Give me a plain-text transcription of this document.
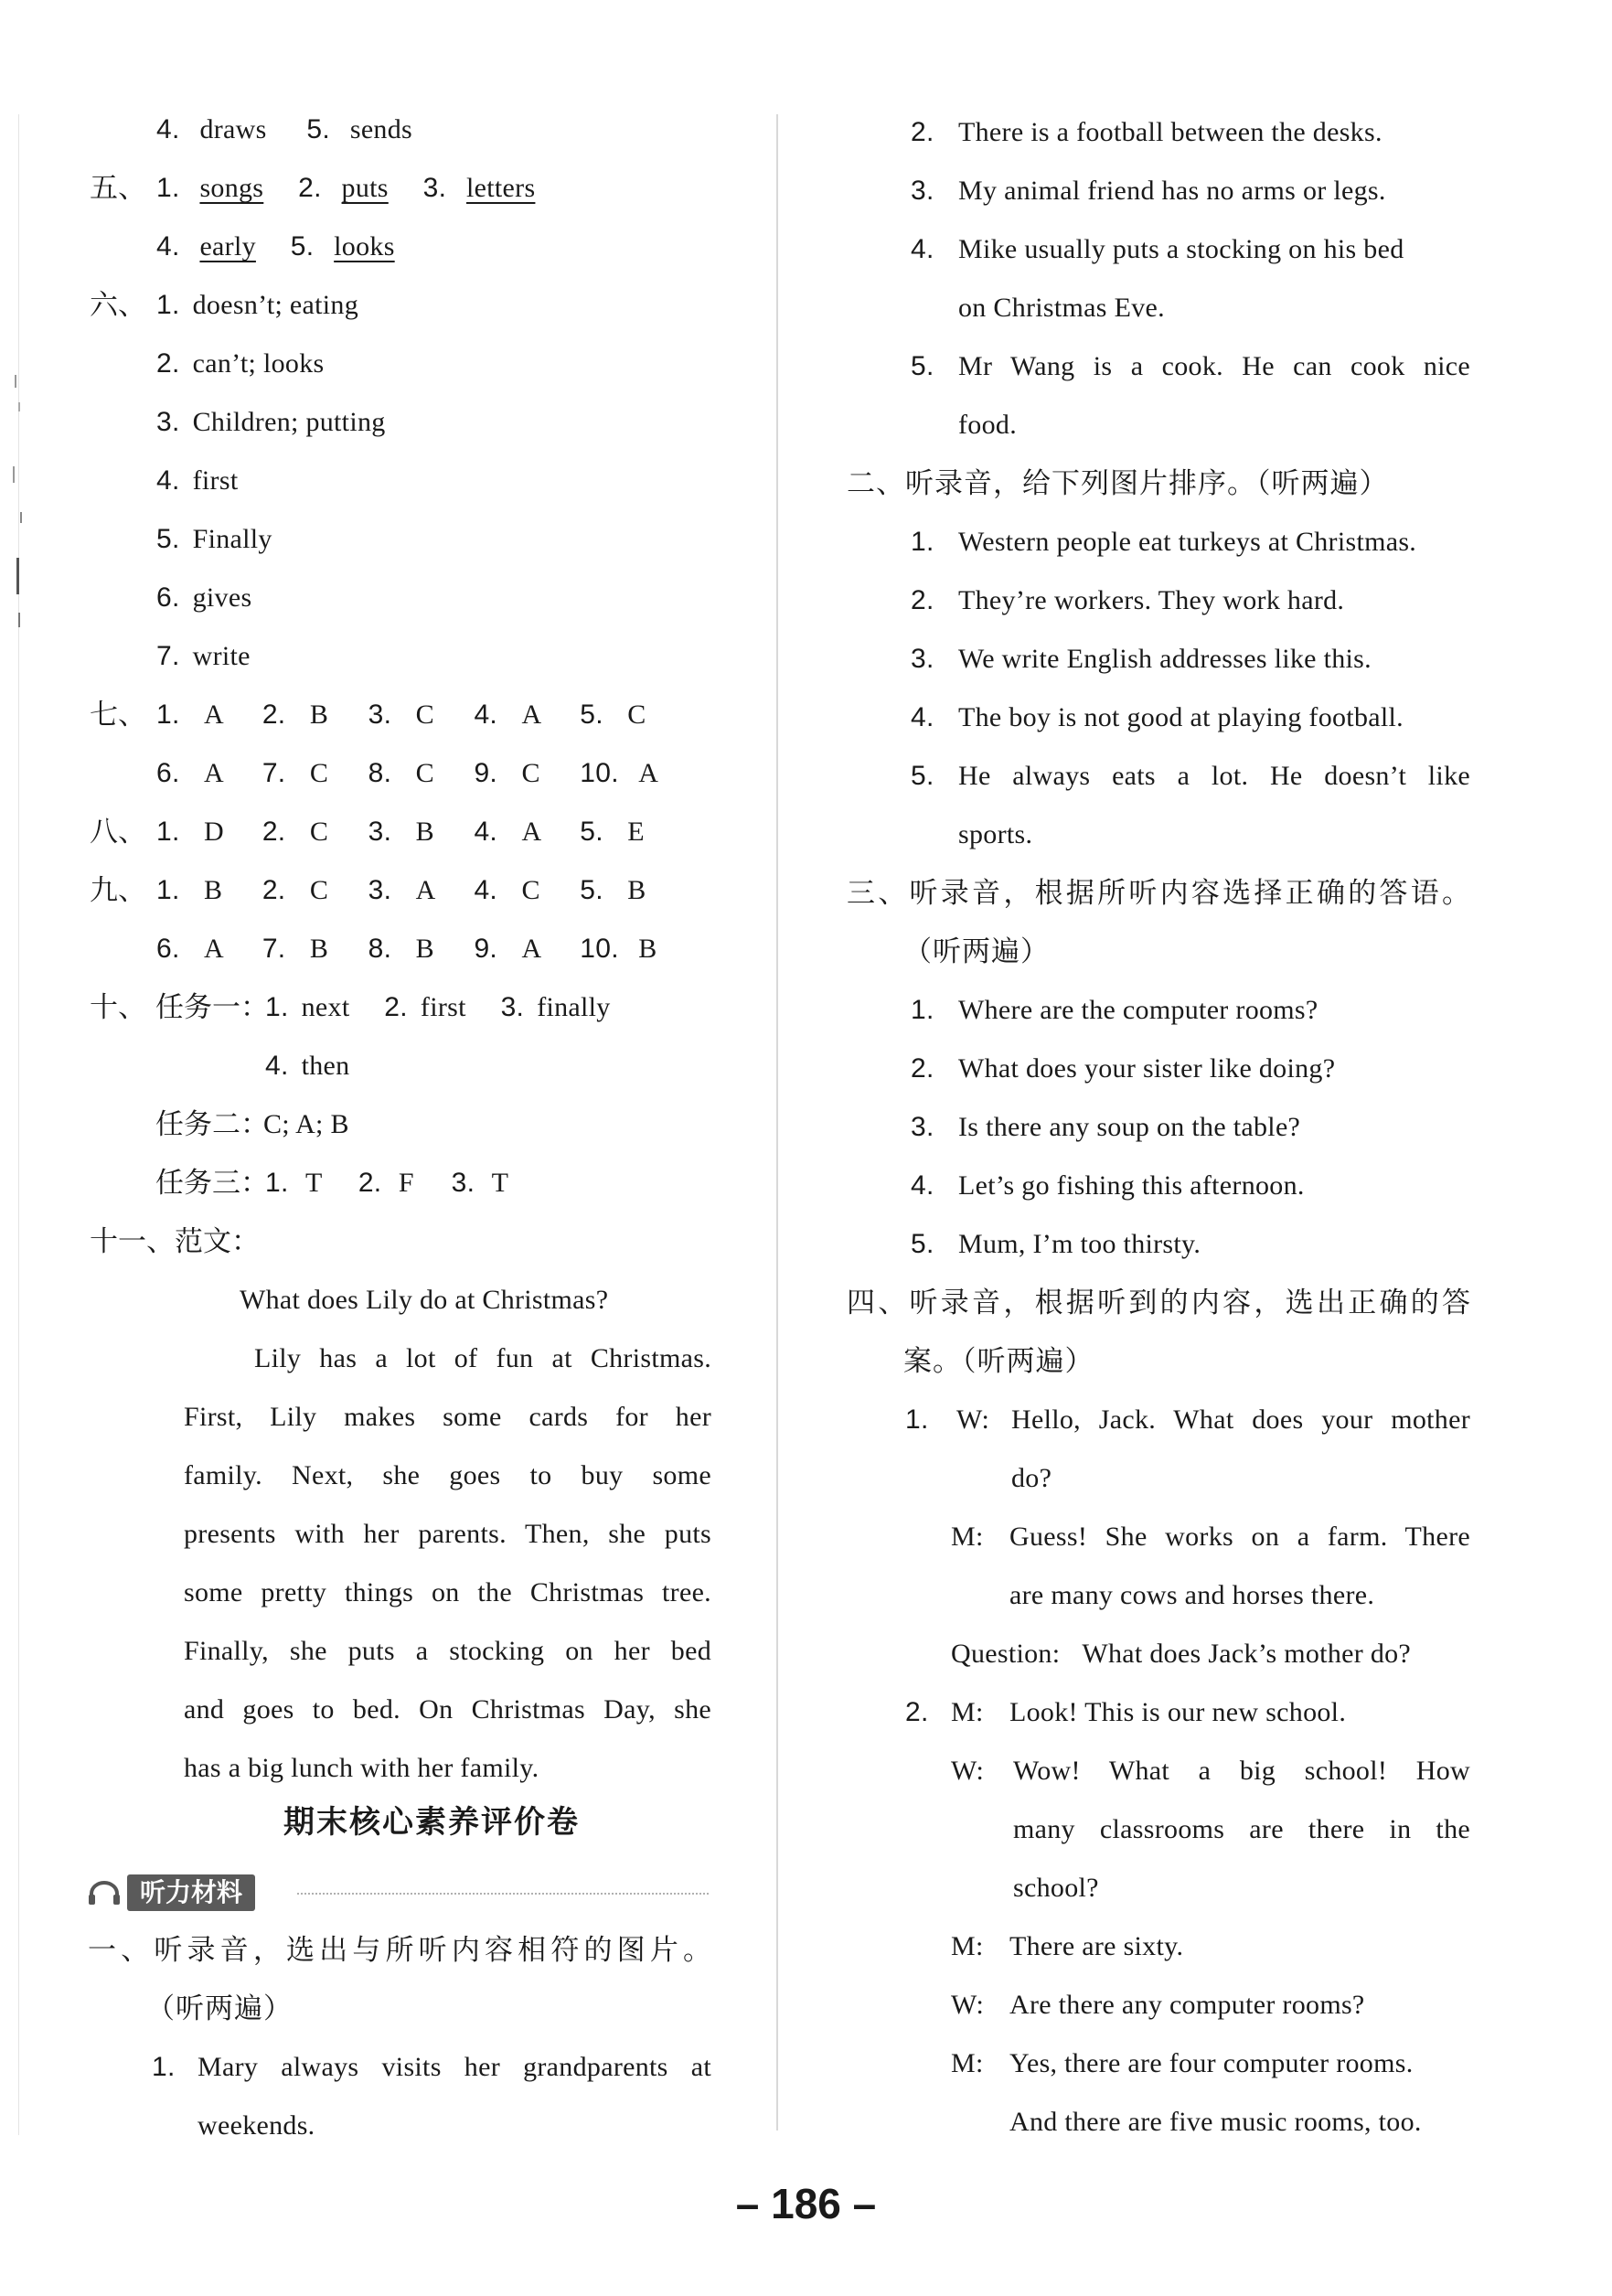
4. draws 5. sends
五、 1. songs 2. puts 3. letters
4. early 5. looks
六、 1. doesn’t; eating
2. can’t; looks
3. Children; putting
4. first
5. Finally
6. gives
7. write
七、 1. A 2. B 3. C 4. A 5. C
6. A 7. C 8. C 9. C 10. A
八、 1. D 2. C 3. B 4. A 5. E
九、 1. B 2. C 3. A 4. C 5. B
6. A 7. B 8. B 9. A 10. B
十、 任务一：
1. next 2. first 3. finally
4. then
任务二：
C; A; B
任务三：
1. T 2. F 3. T
十一、范文：
What does Lily do at Christmas?
Lily has a lot of fun at Christmas.
First, Lily makes some cards for her
family. Next, she goes to buy some
presents with her parents. Then, she puts
some pretty things on the Christmas tree.
Finally, she puts a stocking on her bed
and goes to bed. On Christmas Day, she
has a big lunch with her family.
期末核心素养评价卷
听力材料
一、听录音，选出与所听内容相符的图片。
（听两遍）
1. Mary always visits her grandparents at
weekends.
2. There is a football between the desks.
3. My animal friend has no arms or legs.
4. Mike usually puts a stocking on his bed
on Christmas Eve.
5. Mr Wang is a cook. He can cook nice
food.
二、听录音，给下列图片排序。（听两遍）
1. Western people eat turkeys at Christmas.
2. They’re workers. They work hard.
3. We write English addresses like this.
4. The boy is not good at playing football.
5. He always eats a lot. He doesn’t like
sports.
三、听录音，根据所听内容选择正确的答语。
（听两遍）
1. Where are the computer rooms?
2. What does your sister like doing?
3. Is there any soup on the table?
4. Let’s go fishing this afternoon.
5. Mum, I’m too thirsty.
四、听录音，根据听到的内容，选出正确的答
案。（听两遍）
1. W: Hello, Jack. What does your mother
do?
M: Guess! She works on a farm. There
are many cows and horses there.
Question: What does Jack’s mother do?
2. M: Look! This is our new school.
W: Wow! What a big school! How
many classrooms are there in the
school?
M: There are sixty.
W: Are there any computer rooms?
M: Yes, there are four computer rooms.
And there are five music rooms, too.
– 186 –
